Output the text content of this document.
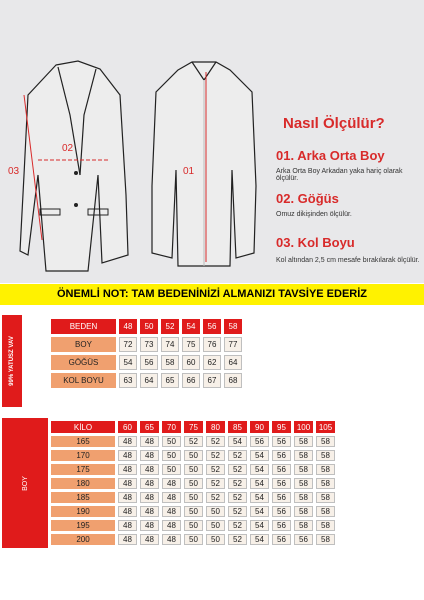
03
02
01
Nasıl Ölçülür?
01. Arka Orta Boy
Arka Orta Boy Arkadan yaka hariç olarak ölçülür.
02. Göğüs
Omuz dikişinden ölçülür.
03. Kol Boyu
Kol altından 2,5 cm mesafe bırakılarak ölçülür.
ÖNEMLİ NOT: TAM BEDENİNİZİ ALMANIZI TAVSİYE EDERİZ
99% YATUSZ VAV
BEDEN	48	50	52	54	56	58
BOY	72	73	74	75	76	77
GÖĞÜS	54	56	58	60	62	64
KOL BOYU	63	64	65	66	67	68
BOY
KİLO	60	65	70	75	80	85	90	95	100	105
165	48	48	50	52	52	54	56	56	58	58
170	48	48	50	50	52	52	54	56	58	58
175	48	48	50	50	52	52	54	56	58	58
180	48	48	48	50	52	52	54	56	58	58
185	48	48	48	50	52	52	54	56	58	58
190	48	48	48	50	50	52	54	56	58	58
195	48	48	48	50	50	52	54	56	58	58
200	48	48	48	50	50	52	54	56	56	58
